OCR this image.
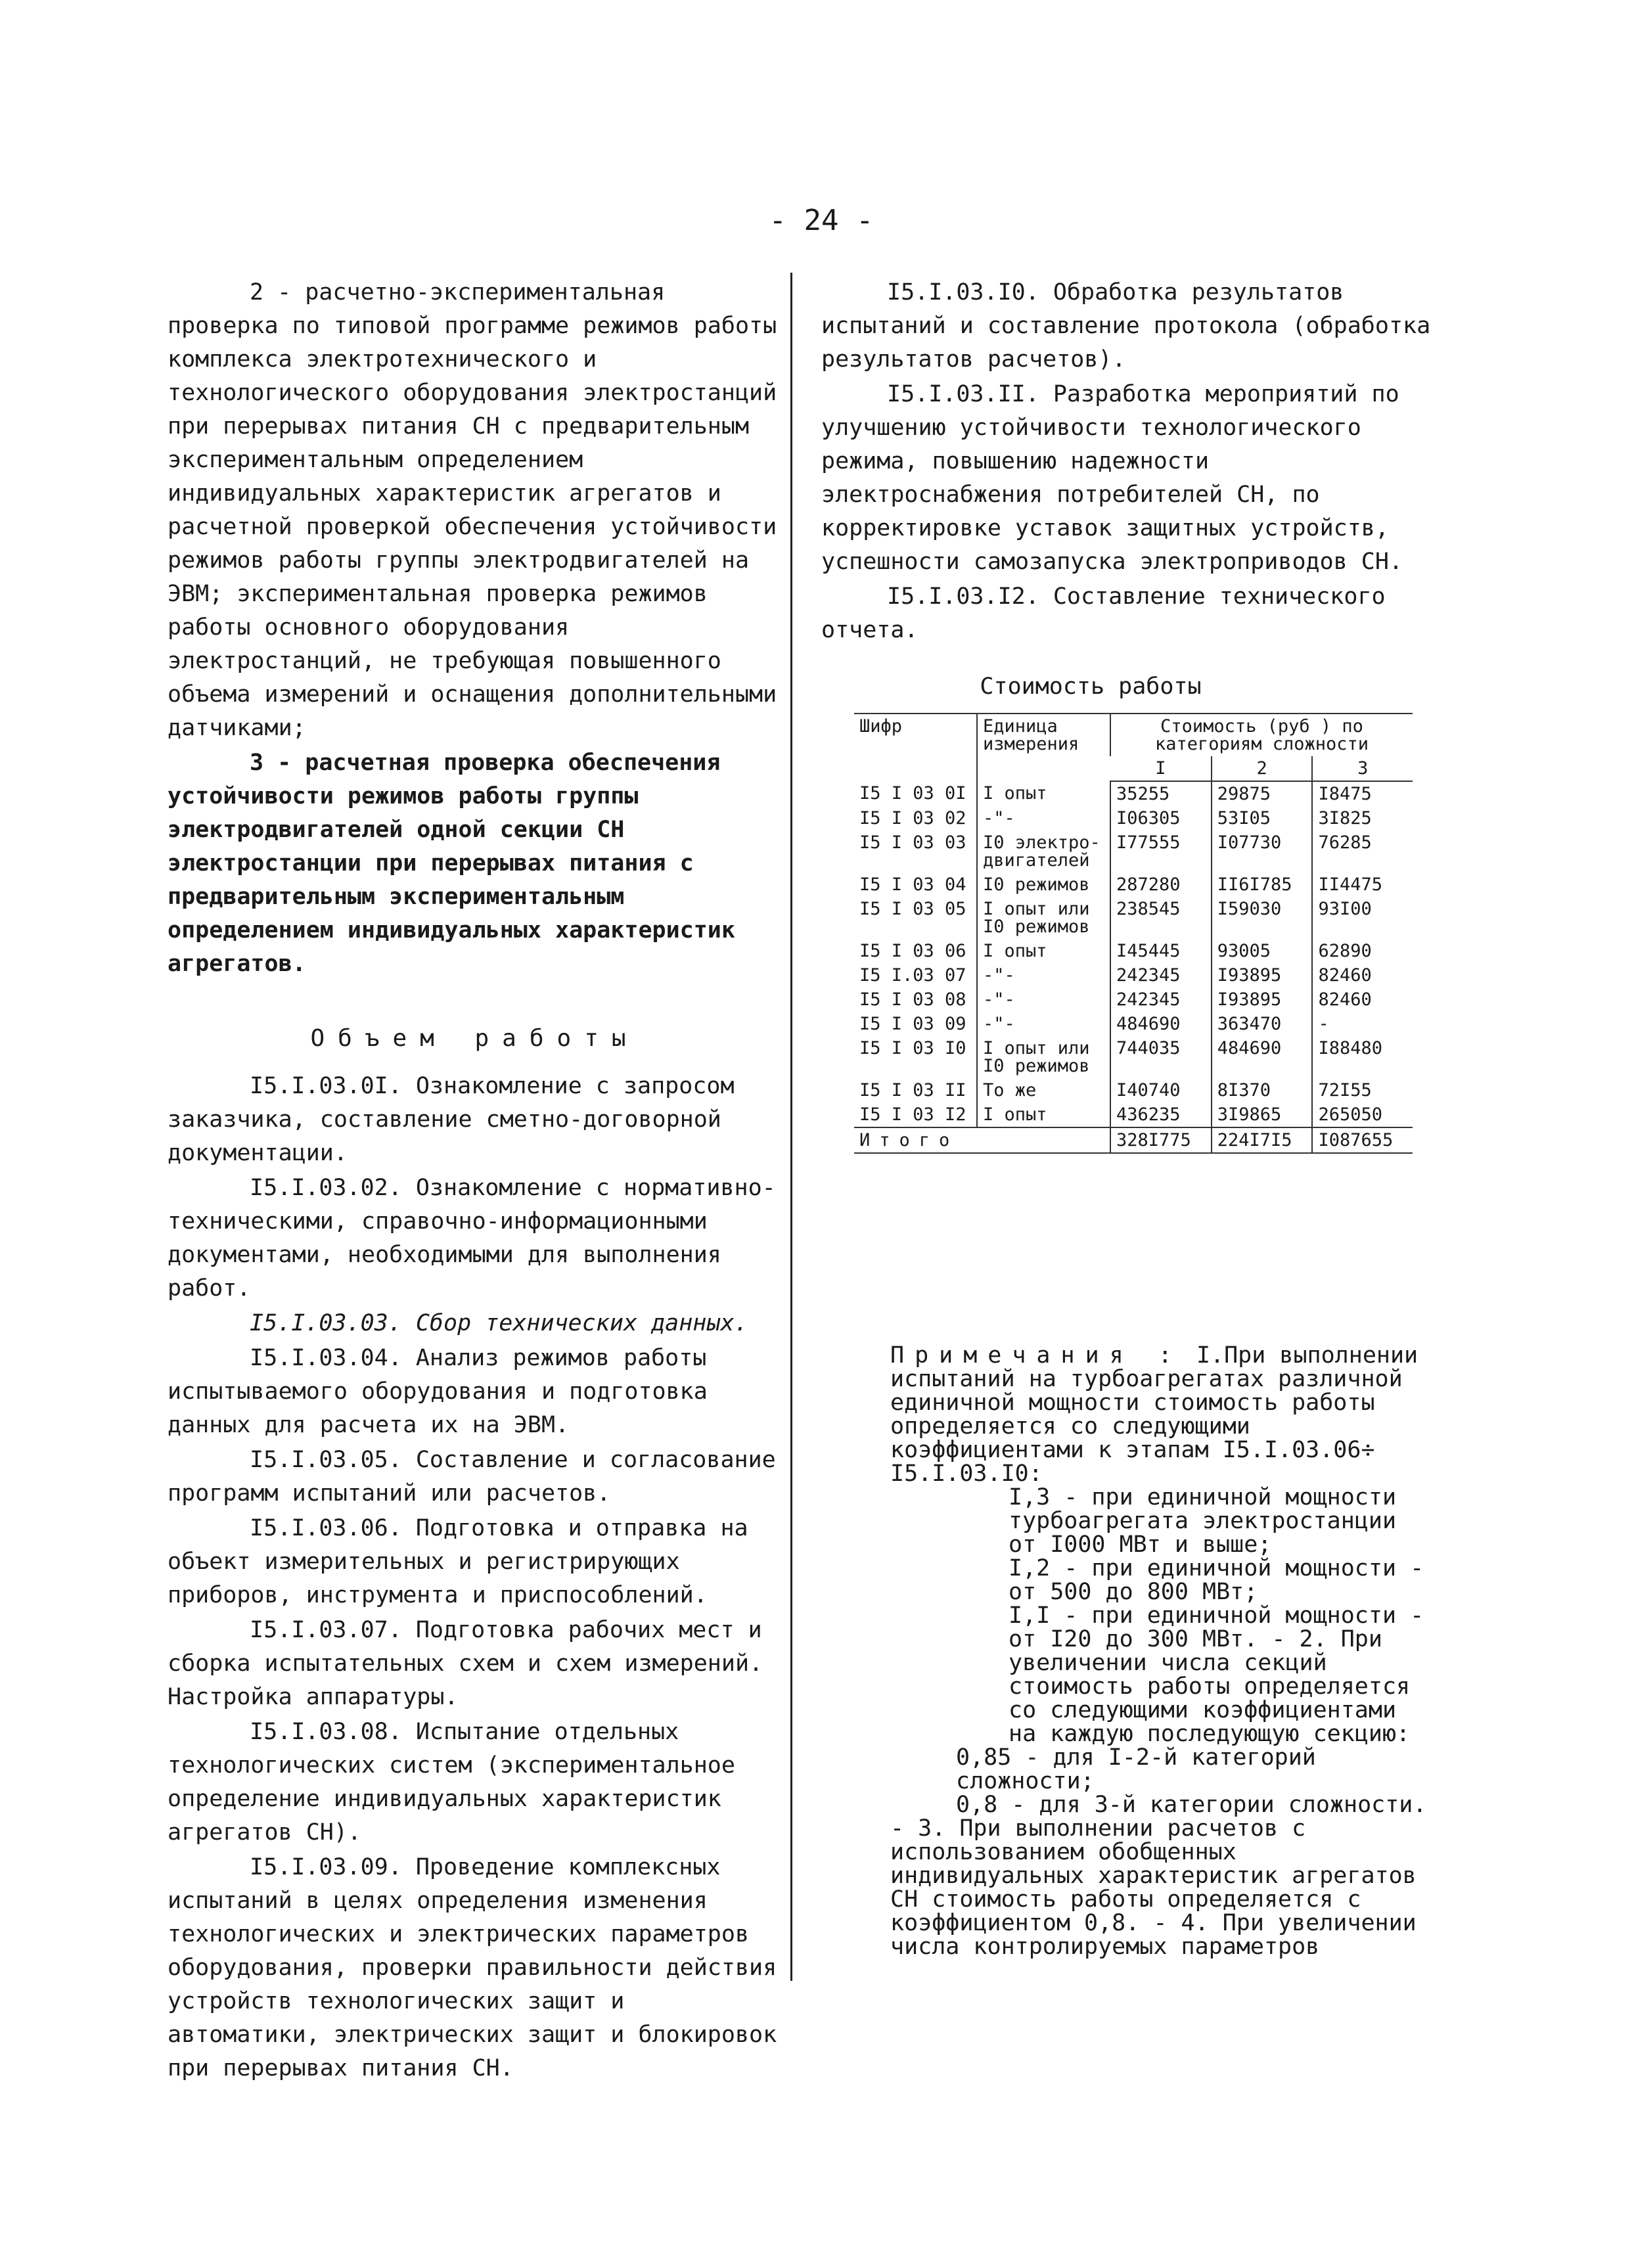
- 24 -

2 - расчетно-экспериментальная проверка по типовой программе режимов работы комплекса электротехнического и технологического оборудования электростанций при перерывах питания СН с предварительным экспериментальным определением индивидуальных характеристик агрегатов и расчетной проверкой обеспечения устойчивости режимов работы группы электродвигателей на ЭВМ; экспериментальная проверка режимов работы основного оборудования электростанций, не требующая повышенного объема измерений и оснащения дополнительными датчиками;

3 - расчетная проверка обеспечения устойчивости режимов работы группы электродвигателей одной секции СН электростанции при перерывах питания с предварительным экспериментальным определением индивидуальных характеристик агрегатов.

Объем работы

I5.I.03.0I. Ознакомление с запросом заказчика, составление сметно-договорной документации.

I5.I.03.02. Ознакомление с нормативно-техническими, справочно-информационными документами, необходимыми для выполнения работ.

I5.I.03.03. Сбор технических данных.

I5.I.03.04. Анализ режимов работы испытываемого оборудования и подготовка данных для расчета их на ЭВМ.

I5.I.03.05. Составление и согласование программ испытаний или расчетов.

I5.I.03.06. Подготовка и отправка на объект измерительных и регистрирующих приборов, инструмента и приспособлений.

I5.I.03.07. Подготовка рабочих мест и сборка испытательных схем и схем измерений. Настройка аппаратуры.

I5.I.03.08. Испытание отдельных технологических систем (экспериментальное определение индивидуальных характеристик агрегатов СН).

I5.I.03.09. Проведение комплексных испытаний в целях определения изменения технологических и электрических параметров оборудования, проверки правильности действия устройств технологических защит и автоматики, электрических защит и блокировок при перерывах питания СН.

I5.I.03.I0. Обработка результатов испытаний и составление протокола (обработка результатов расчетов).

I5.I.03.II. Разработка мероприятий по улучшению устойчивости технологического режима, повышению надежности электроснабжения потребителей СН, по корректировке уставок защитных устройств, успешности самозапуска электроприводов СН.

I5.I.03.I2. Составление технического отчета.

Стоимость работы
Шифр	Единица измерения	Стоимость (руб ) по категориям сложности		
		I	2	3
I5 I 03 0I	I опыт	35255	29875	I8475
I5 I 03 02	-"-	I06305	53I05	3I825
I5 I 03 03	I0 электро-двигателей	I77555	I07730	76285
I5 I 03 04	I0 режимов	287280	II6I785	II4475
I5 I 03 05	I опыт или I0 режимов	238545	I59030	93I00
I5 I 03 06	I опыт	I45445	93005	62890
I5 I.03 07	-"-	242345	I93895	82460
I5 I 03 08	-"-	242345	I93895	82460
I5 I 03 09	-"-	484690	363470	-
I5 I 03 I0	I опыт или I0 режимов	744035	484690	I88480
I5 I 03 II	То же	I40740	8I370	72I55
I5 I 03 I2	I опыт	436235	3I9865	265050
Итого		328I775	224I7I5	I087655

Примечания : I.При выполнении испытаний на турбоагрегатах различной единичной мощности стоимость работы определяется со следующими коэффициентами к этапам I5.I.03.06÷ I5.I.03.I0:

I,3 - при единичной мощности турбоагрегата электростанции от I000 МВт и выше;

I,2 - при единичной мощности - от 500 до 800 МВт;

I,I - при единичной мощности - от I20 до 300 МВт. - 2. При увеличении числа секций стоимость работы определяется со следующими коэффициентами на каждую последующую секцию:

0,85 - для I-2-й категорий сложности;

0,8 - для 3-й категории сложности.

- 3. При выполнении расчетов с использованием обобщенных индивидуальных характеристик агрегатов СН стоимость работы определяется с коэффициентом 0,8. - 4. При увеличении числа контролируемых параметров
